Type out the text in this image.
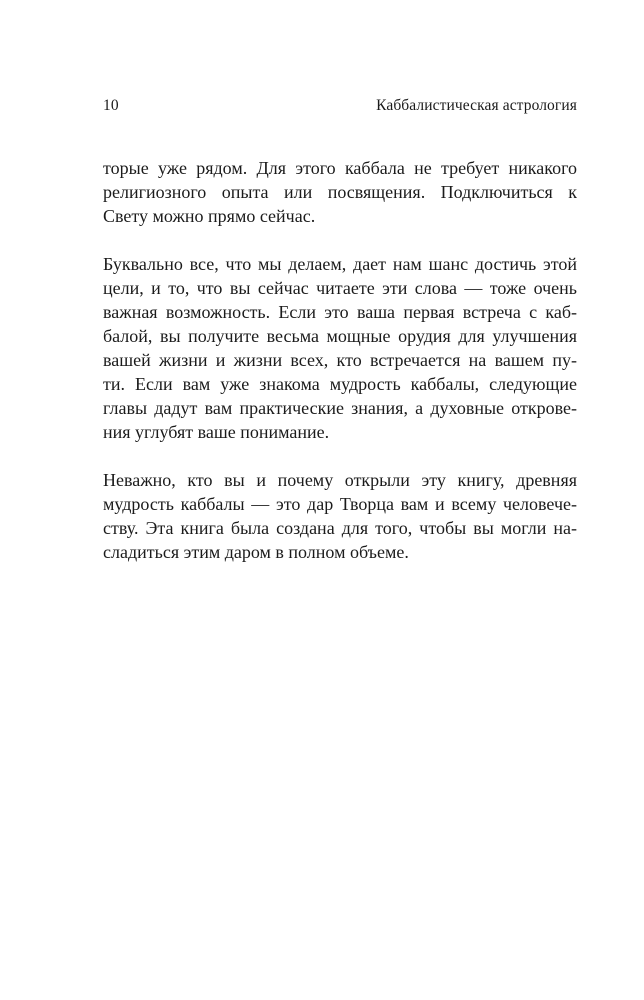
10	Каббалистическая астрология
торые уже рядом. Для этого каббала не требует никакого
религиозного опыта или посвящения. Подключиться к
Свету можно прямо сейчас.
Буквально все, что мы делаем, дает нам шанс достичь этой
цели, и то, что вы сейчас читаете эти слова — тоже очень
важная возможность. Если это ваша первая встреча с каб-
балой, вы получите весьма мощные орудия для улучшения
вашей жизни и жизни всех, кто встречается на вашем пу-
ти. Если вам уже знакома мудрость каббалы, следующие
главы дадут вам практические знания, а духовные открове-
ния углубят ваше понимание.
Неважно, кто вы и почему открыли эту книгу, древняя
мудрость каббалы — это дар Творца вам и всему человече-
ству. Эта книга была создана для того, чтобы вы могли на-
сладиться этим даром в полном объеме.
